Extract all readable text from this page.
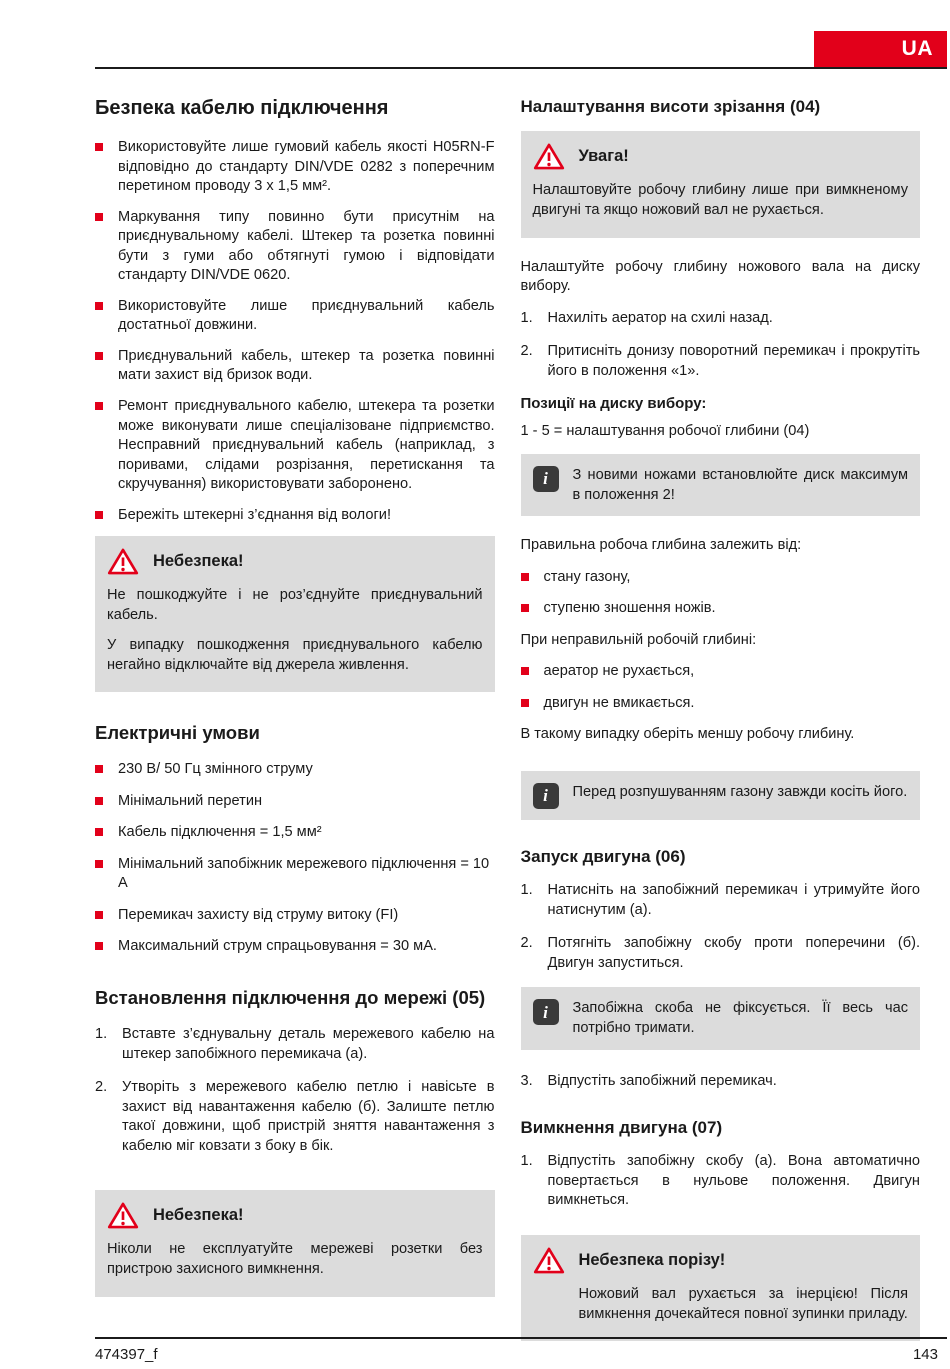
UA
Безпека кабелю підключення
Використовуйте лише гумовий кабель якості H05RN-F відповідно до стандарту DIN/VDE 0282 з поперечним перетином проводу 3 х 1,5 мм².
Маркування типу повинно бути присутнім на приєднувальному кабелі. Штекер та розетка повинні бути з гуми або обтягнуті гумою і відповідати стандарту DIN/VDE 0620.
Використовуйте лише приєднувальний кабель достатньої довжини.
Приєднувальний кабель, штекер та розетка повинні мати захист від бризок води.
Ремонт приєднувального кабелю, штекера та розетки може виконувати лише спеціалізоване підприємство. Несправний приєднувальний кабель (наприклад, з поривами, слідами розрізання, перетискання та скручування) використовувати заборонено.
Бережіть штекерні з’єднання від вологи!
Небезпека!

Не пошкоджуйте і не роз’єднуйте приєднувальний кабель.

У випадку пошкодження приєднувального кабелю негайно відключайте від джерела живлення.

Електричні умови
230 В/ 50 Гц змінного струму
Мінімальний перетин
Кабель підключення = 1,5 мм²
Мінімальний запобіжник мережевого підключення = 10 А
Перемикач захисту від струму витоку (FI)
Максимальний струм спрацьовування = 30 мА.
Встановлення підключення до мережі (05)
1.	Вставте з’єднувальну деталь мережевого кабелю на штекер запобіжного перемикача (а).
2.	Утворіть з мережевого кабелю петлю і навісьте в захист від навантаження кабелю (б). Залиште петлю такої довжини, щоб пристрій зняття навантаження з кабелю міг ковзати з боку в бік.
Небезпека!

Ніколи не експлуатуйте мережеві розетки без пристрою захисного вимкнення.

Налаштування висоти зрізання (04)
Увага!

Налаштовуйте робочу глибину лише при вимкненому двигуні та якщо ножовий вал не рухається.

Налаштуйте робочу глибину ножового вала на диску вибору.

1.	Нахиліть аератор на схилі назад.
2.	Притисніть донизу поворотний перемикач і прокрутіть його в положення «1».

Позиції на диску вибору:

1 - 5 = налаштування робочої глибини (04)

i	З новими ножами встановлюйте диск максимум в положення 2!

Правильна робоча глибина залежить від:

стану газону,
ступеню зношення ножів.

При неправильній робочій глибині:

аератор не рухається,
двигун не вмикається.

В такому випадку оберіть меншу робочу глибину.

i	Перед розпушуванням газону завжди косіть його.
Запуск двигуна (06)
1.	Натисніть на запобіжний перемикач і утримуйте його натиснутим (а).
2.	Потягніть запобіжну скобу проти поперечини (б). Двигун запуститься.
i	Запобіжна скоба не фіксується. Її весь час потрібно тримати.
3.	Відпустіть запобіжний перемикач.
Вимкнення двигуна (07)
1.	Відпустіть запобіжну скобу (а). Вона автоматично повертається в нульове положення. Двигун вимкнеться.
Небезпека порізу!

Ножовий вал рухається за інерцією! Після вимкнення дочекайтеся повної зупинки приладу.

474397_f	143
